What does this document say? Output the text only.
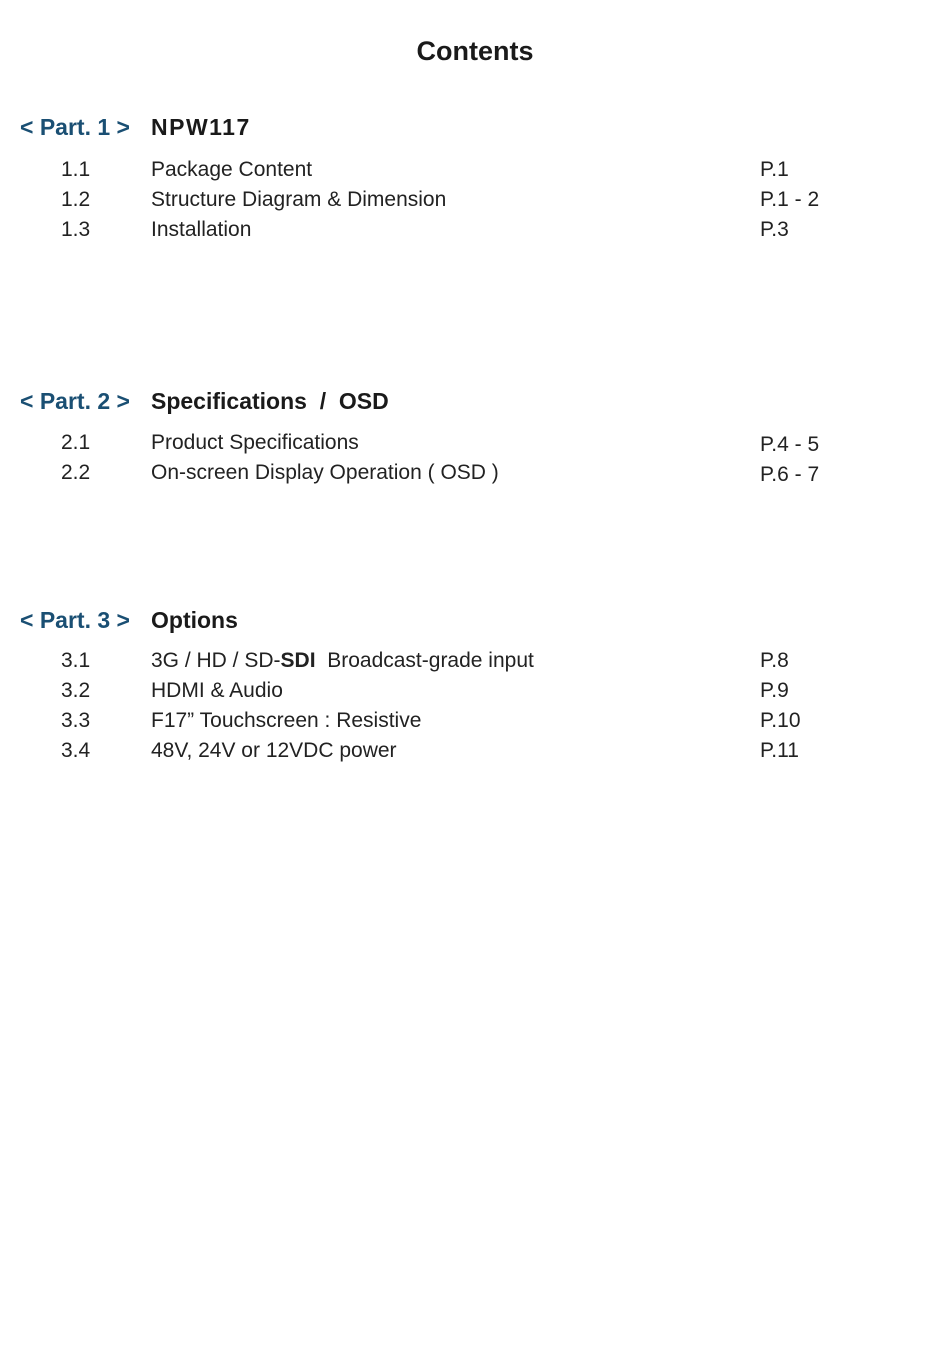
Contents
< Part. 1 > NPW117
1.1	Package Content	P.1
1.2	Structure Diagram & Dimension	P.1 - 2
1.3	Installation	P.3
< Part. 2 > Specifications  /  OSD
2.1	Product Specifications	P.4 - 5
2.2	On-screen Display Operation ( OSD )	P.6 - 7
< Part. 3 > Options
3.1	3G / HD / SD-SDI  Broadcast-grade input	P.8
3.2	HDMI & Audio	P.9
3.3	F17” Touchscreen : Resistive	P.10
3.4	48V, 24V or 12VDC power	P.11
